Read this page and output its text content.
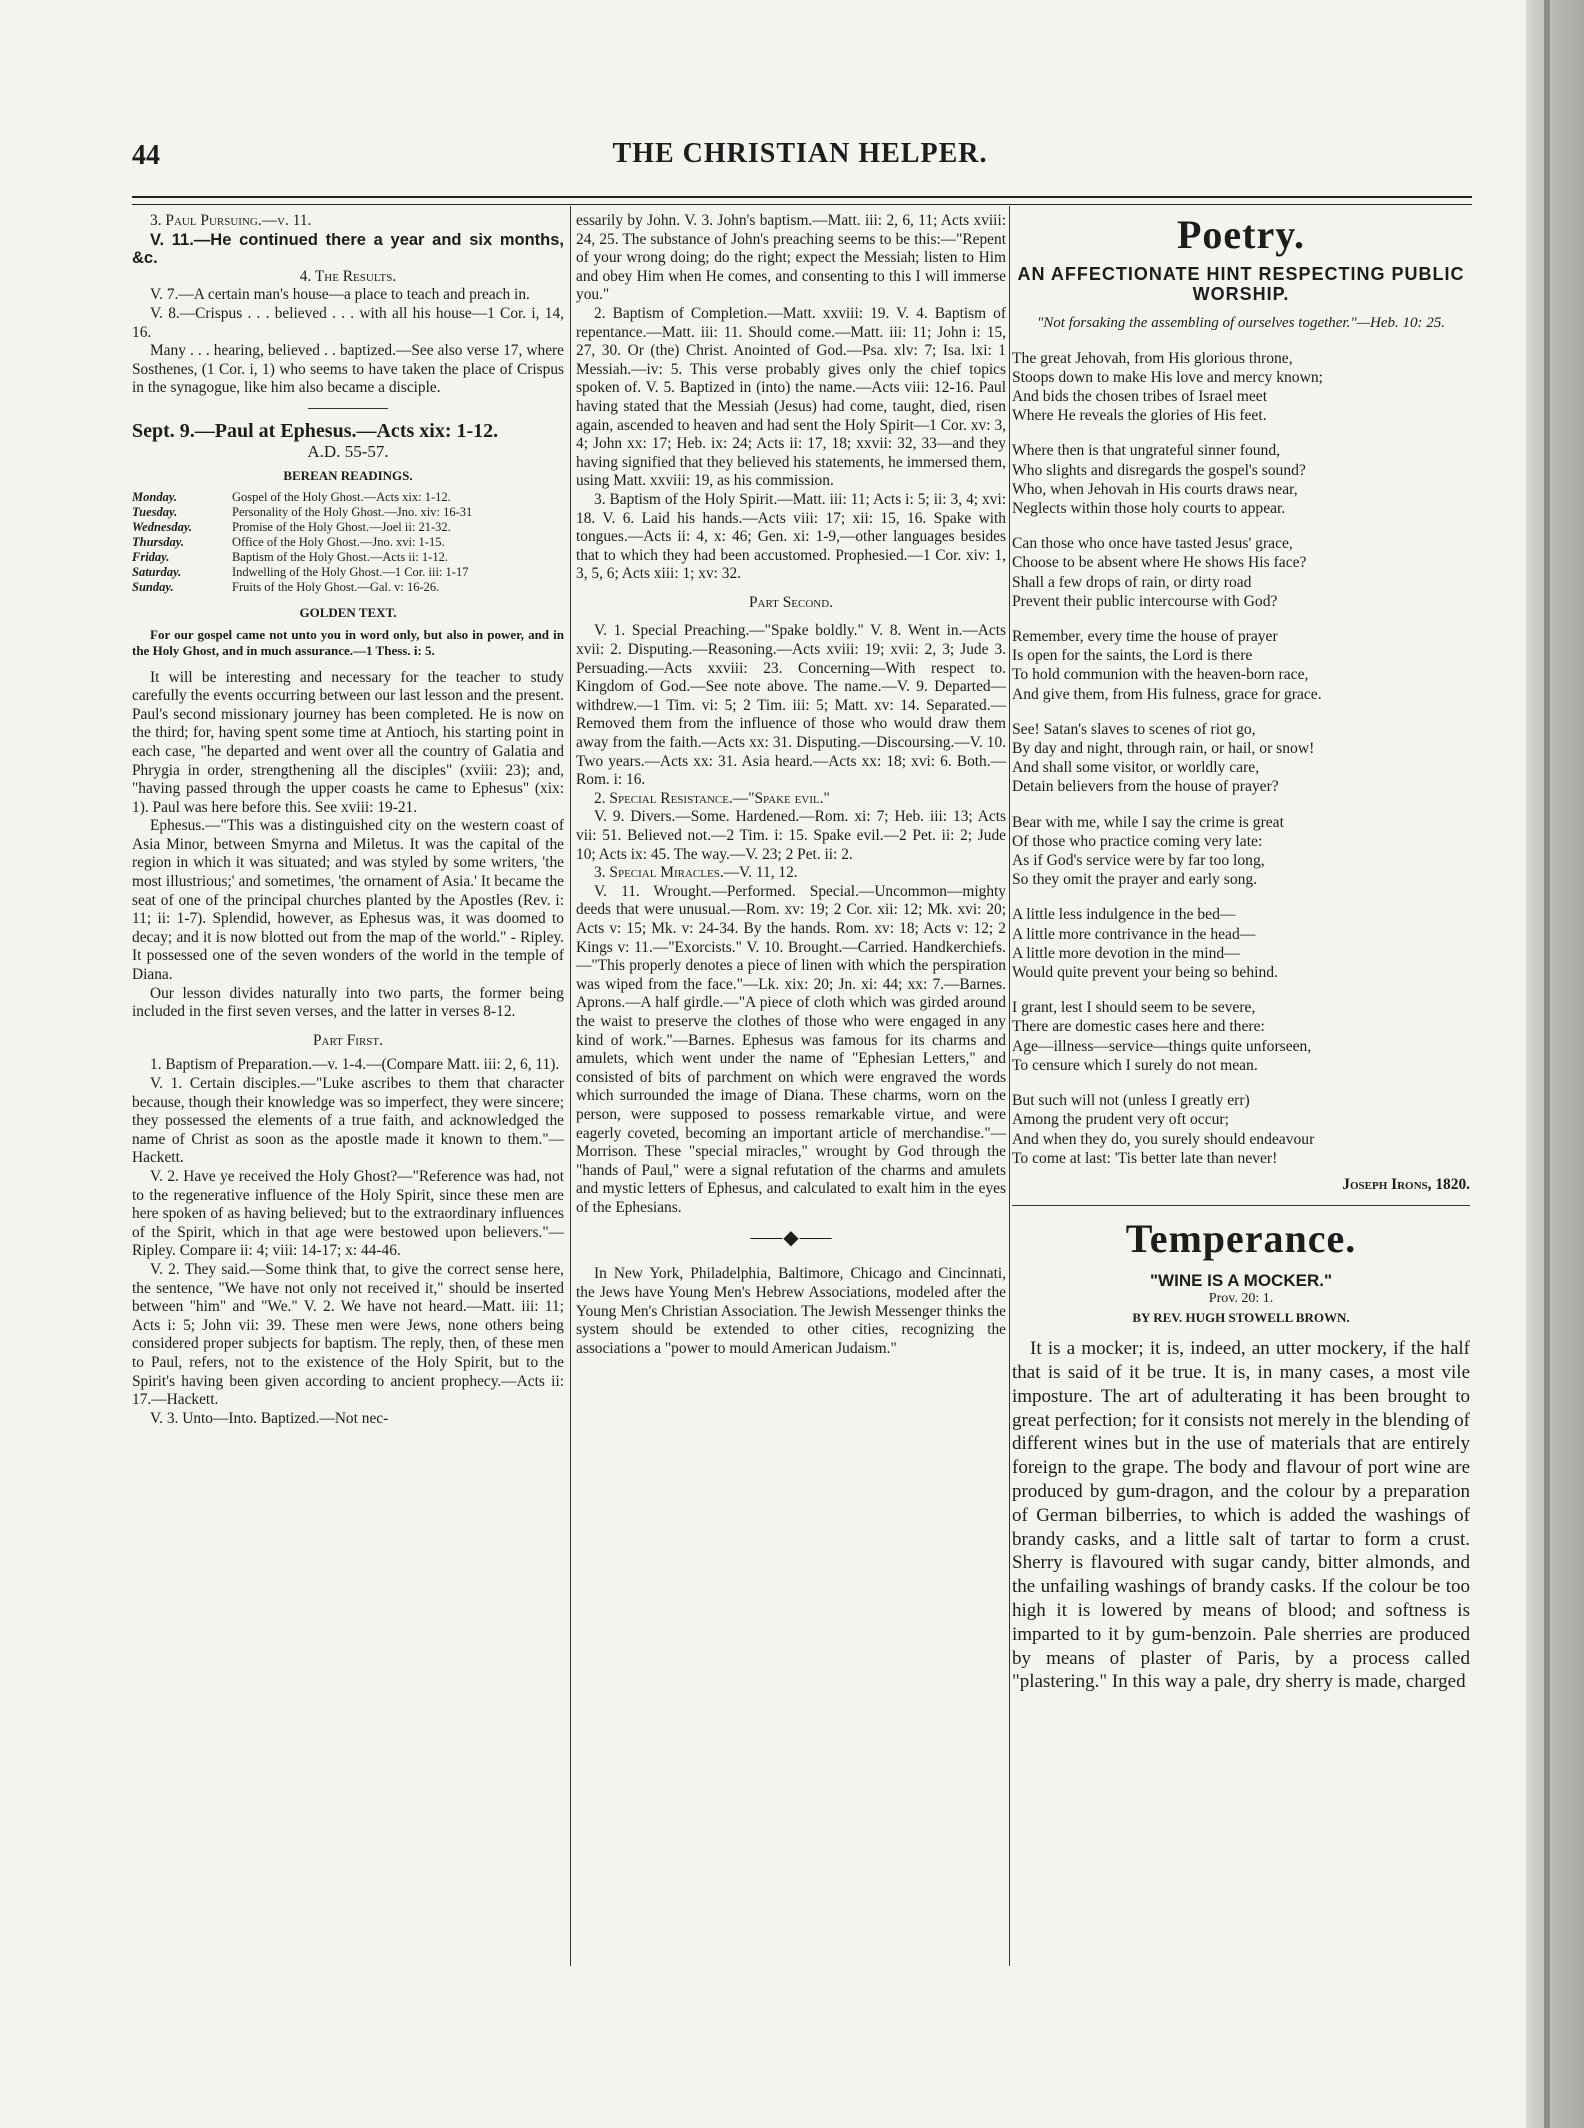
44	THE CHRISTIAN HELPER.

3. Paul Pursuing.—v. 11.

V. 11.—He continued there a year and six months, &c.

4. The Results.

V. 7.—A certain man's house—a place to teach and preach in.

V. 8.—Crispus . . . believed . . . with all his house—1 Cor. i, 14, 16.

Many . . . hearing, believed . . baptized.—See also verse 17, where Sosthenes, (1 Cor. i, 1) who seems to have taken the place of Crispus in the synagogue, like him also became a disciple.

Sept. 9.—Paul at Ephesus.—Acts xix: 1-12.

A.D. 55-57.

BEREAN READINGS.

Monday.	Gospel of the Holy Ghost.—Acts xix: 1-12.
Tuesday.	Personality of the Holy Ghost.—Jno. xiv: 16-31
Wednesday.	Promise of the Holy Ghost.—Joel ii: 21-32.
Thursday.	Office of the Holy Ghost.—Jno. xvi: 1-15.
Friday.	Baptism of the Holy Ghost.—Acts ii: 1-12.
Saturday.	Indwelling of the Holy Ghost.—1 Cor. iii: 1-17
Sunday.	Fruits of the Holy Ghost.—Gal. v: 16-26.

GOLDEN TEXT.

For our gospel came not unto you in word only, but also in power, and in the Holy Ghost, and in much assurance.—1 Thess. i: 5.

It will be interesting and necessary for the teacher to study carefully the events occurring between our last lesson and the present. Paul's second missionary journey has been completed. He is now on the third; for, having spent some time at Antioch, his starting point in each case, "he departed and went over all the country of Galatia and Phrygia in order, strengthening all the disciples" (xviii: 23); and, "having passed through the upper coasts he came to Ephesus" (xix: 1). Paul was here before this. See xviii: 19-21.

Ephesus.—"This was a distinguished city on the western coast of Asia Minor, between Smyrna and Miletus. It was the capital of the region in which it was situated; and was styled by some writers, 'the most illustrious;' and sometimes, 'the ornament of Asia.' It became the seat of one of the principal churches planted by the Apostles (Rev. i: 11; ii: 1-7). Splendid, however, as Ephesus was, it was doomed to decay; and it is now blotted out from the map of the world." - Ripley. It possessed one of the seven wonders of the world in the temple of Diana.

Our lesson divides naturally into two parts, the former being included in the first seven verses, and the latter in verses 8-12.

Part First.

1. Baptism of Preparation.—v. 1-4.—(Compare Matt. iii: 2, 6, 11).

V. 1. Certain disciples.—"Luke ascribes to them that character because, though their knowledge was so imperfect, they were sincere; they possessed the elements of a true faith, and acknowledged the name of Christ as soon as the apostle made it known to them."—Hackett.

V. 2. Have ye received the Holy Ghost?—"Reference was had, not to the regenerative influence of the Holy Spirit, since these men are here spoken of as having believed; but to the extraordinary influences of the Spirit, which in that age were bestowed upon believers."—Ripley. Compare ii: 4; viii: 14-17; x: 44-46.

V. 2. They said.—Some think that, to give the correct sense here, the sentence, "We have not only not received it," should be inserted between "him" and "We." V. 2. We have not heard.—Matt. iii: 11; Acts i: 5; John vii: 39. These men were Jews, none others being considered proper subjects for baptism. The reply, then, of these men to Paul, refers, not to the existence of the Holy Spirit, but to the Spirit's having been given according to ancient prophecy.—Acts ii: 17.—Hackett.

V. 3. Unto—Into. Baptized.—Not nec-

essarily by John. V. 3. John's baptism.—Matt. iii: 2, 6, 11; Acts xviii: 24, 25. The substance of John's preaching seems to be this:—"Repent of your wrong doing; do the right; expect the Messiah; listen to Him and obey Him when He comes, and consenting to this I will immerse you."

2. Baptism of Completion.—Matt. xxviii: 19. V. 4. Baptism of repentance.—Matt. iii: 11. Should come.—Matt. iii: 11; John i: 15, 27, 30. Or (the) Christ. Anointed of God.—Psa. xlv: 7; Isa. lxi: 1 Messiah.—iv: 5. This verse probably gives only the chief topics spoken of. V. 5. Baptized in (into) the name.—Acts viii: 12-16. Paul having stated that the Messiah (Jesus) had come, taught, died, risen again, ascended to heaven and had sent the Holy Spirit—1 Cor. xv: 3, 4; John xx: 17; Heb. ix: 24; Acts ii: 17, 18; xxvii: 32, 33—and they having signified that they believed his statements, he immersed them, using Matt. xxviii: 19, as his commission.

3. Baptism of the Holy Spirit.—Matt. iii: 11; Acts i: 5; ii: 3, 4; xvi: 18. V. 6. Laid his hands.—Acts viii: 17; xii: 15, 16. Spake with tongues.—Acts ii: 4, x: 46; Gen. xi: 1-9,—other languages besides that to which they had been accustomed. Prophesied.—1 Cor. xiv: 1, 3, 5, 6; Acts xiii: 1; xv: 32.

Part Second.

V. 1. Special Preaching.—"Spake boldly." V. 8. Went in.—Acts xvii: 2. Disputing.—Reasoning.—Acts xviii: 19; xvii: 2, 3; Jude 3. Persuading.—Acts xxviii: 23. Concerning—With respect to. Kingdom of God.—See note above. The name.—V. 9. Departed—withdrew.—1 Tim. vi: 5; 2 Tim. iii: 5; Matt. xv: 14. Separated.—Removed them from the influence of those who would draw them away from the faith.—Acts xx: 31. Disputing.—Discoursing.—V. 10. Two years.—Acts xx: 31. Asia heard.—Acts xx: 18; xvi: 6. Both.—Rom. i: 16.

2. Special Resistance.—"Spake evil."

V. 9. Divers.—Some. Hardened.—Rom. xi: 7; Heb. iii: 13; Acts vii: 51. Believed not.—2 Tim. i: 15. Spake evil.—2 Pet. ii: 2; Jude 10; Acts ix: 45. The way.—V. 23; 2 Pet. ii: 2.

3. Special Miracles.—V. 11, 12.

V. 11. Wrought.—Performed. Special.—Uncommon—mighty deeds that were unusual.—Rom. xv: 19; 2 Cor. xii: 12; Mk. xvi: 20; Acts v: 15; Mk. v: 24-34. By the hands. Rom. xv: 18; Acts v: 12; 2 Kings v: 11.—"Exorcists." V. 10. Brought.—Carried. Handkerchiefs.—"This properly denotes a piece of linen with which the perspiration was wiped from the face."—Lk. xix: 20; Jn. xi: 44; xx: 7.—Barnes. Aprons.—A half girdle.—"A piece of cloth which was girded around the waist to preserve the clothes of those who were engaged in any kind of work."—Barnes. Ephesus was famous for its charms and amulets, which went under the name of "Ephesian Letters," and consisted of bits of parchment on which were engraved the words which surrounded the image of Diana. These charms, worn on the person, were supposed to possess remarkable virtue, and were eagerly coveted, becoming an important article of merchandise."—Morrison. These "special miracles," wrought by God through the "hands of Paul," were a signal refutation of the charms and amulets and mystic letters of Ephesus, and calculated to exalt him in the eyes of the Ephesians.

⸺◆⸺

In New York, Philadelphia, Baltimore, Chicago and Cincinnati, the Jews have Young Men's Hebrew Associations, modeled after the Young Men's Christian Association. The Jewish Messenger thinks the system should be extended to other cities, recognizing the associations a "power to mould American Judaism."

Poetry.

AN AFFECTIONATE HINT RESPECTING PUBLIC WORSHIP.

"Not forsaking the assembling of ourselves together."—Heb. 10: 25.

The great Jehovah, from His glorious throne,
Stoops down to make His love and mercy known;
And bids the chosen tribes of Israel meet
Where He reveals the glories of His feet.

Where then is that ungrateful sinner found,
Who slights and disregards the gospel's sound?
Who, when Jehovah in His courts draws near,
Neglects within those holy courts to appear.

Can those who once have tasted Jesus' grace,
Choose to be absent where He shows His face?
Shall a few drops of rain, or dirty road
Prevent their public intercourse with God?

Remember, every time the house of prayer
Is open for the saints, the Lord is there
To hold communion with the heaven-born race,
And give them, from His fulness, grace for grace.

See! Satan's slaves to scenes of riot go,
By day and night, through rain, or hail, or snow!
And shall some visitor, or worldly care,
Detain believers from the house of prayer?

Bear with me, while I say the crime is great
Of those who practice coming very late:
As if God's service were by far too long,
So they omit the prayer and early song.

A little less indulgence in the bed—
A little more contrivance in the head—
A little more devotion in the mind—
Would quite prevent your being so behind.

I grant, lest I should seem to be severe,
There are domestic cases here and there:
Age—illness—service—things quite unforseen,
To censure which I surely do not mean.

But such will not (unless I greatly err)
Among the prudent very oft occur;
And when they do, you surely should endeavour
To come at last: 'Tis better late than never!

Joseph Irons, 1820.

Temperance.

"WINE IS A MOCKER."

Prov. 20: 1.

BY REV. HUGH STOWELL BROWN.

It is a mocker; it is, indeed, an utter mockery, if the half that is said of it be true. It is, in many cases, a most vile imposture. The art of adulterating it has been brought to great perfection; for it consists not merely in the blending of different wines but in the use of materials that are entirely foreign to the grape. The body and flavour of port wine are produced by gum-dragon, and the colour by a preparation of German bilberries, to which is added the washings of brandy casks, and a little salt of tartar to form a crust. Sherry is flavoured with sugar candy, bitter almonds, and the unfailing washings of brandy casks. If the colour be too high it is lowered by means of blood; and softness is imparted to it by gum-benzoin. Pale sherries are produced by means of plaster of Paris, by a process called "plastering." In this way a pale, dry sherry is made, charged
